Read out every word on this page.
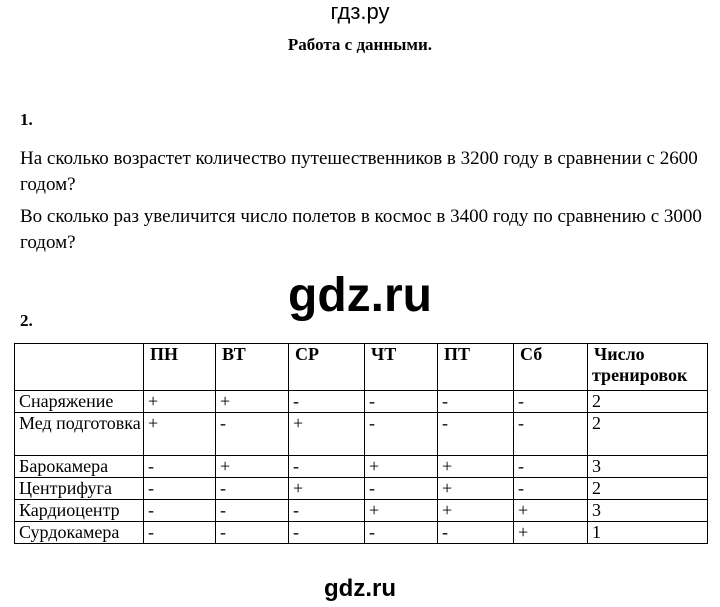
гдз.ру
Работа с данными.
1.
На сколько возрастет количество путешественников в 3200 году в сравнении с 2600 годом?
Во сколько раз увеличится число полетов в космос в 3400 году по сравнению с 3000 годом?
gdz.ru
2.
	ПН	ВТ	СР	ЧТ	ПТ	Сб	Число тренировок
Снаряжение	+	+	-	-	-	-	2
Мед подготовка	+	-	+	-	-	-	2
Барокамера	-	+	-	+	+	-	3
Центрифуга	-	-	+	-	+	-	2
Кардиоцентр	-	-	-	+	+	+	3
Сурдокамера	-	-	-	-	-	+	1
gdz.ru
